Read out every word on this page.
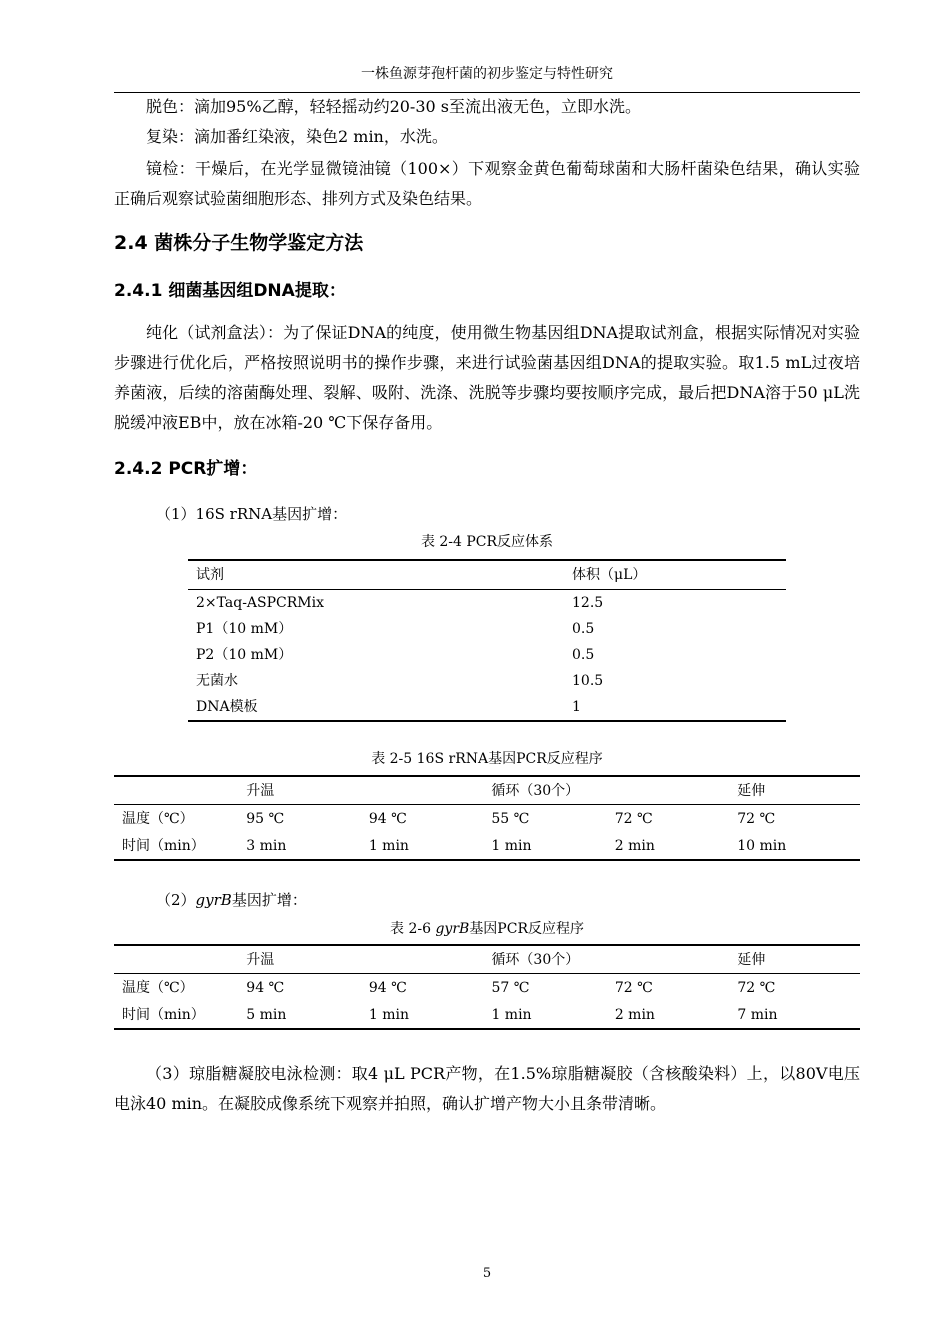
一株鱼源芽孢杆菌的初步鉴定与特性研究
脱色：滴加95%乙醇，轻轻摇动约20-30 s至流出液无色，立即水洗。
复染：滴加番红染液，染色2 min，水洗。
镜检：干燥后，在光学显微镜油镜（100×）下观察金黄色葡萄球菌和大肠杆菌染色结果，确认实验正确后观察试验菌细胞形态、排列方式及染色结果。
2.4 菌株分子生物学鉴定方法
2.4.1 细菌基因组DNA提取：
纯化（试剂盒法）：为了保证DNA的纯度，使用微生物基因组DNA提取试剂盒，根据实际情况对实验步骤进行优化后，严格按照说明书的操作步骤，来进行试验菌基因组DNA的提取实验。取1.5 mL过夜培养菌液，后续的溶菌酶处理、裂解、吸附、洗涤、洗脱等步骤均要按顺序完成，最后把DNA溶于50 μL洗脱缓冲液EB中，放在冰箱-20 ℃下保存备用。
2.4.2 PCR扩增：
（1）16S rRNA基因扩增：
表 2-4 PCR反应体系
试剂	体积（μL）
2×Taq-ASPCRMix	12.5
P1（10 mM）	0.5
P2（10 mM）	0.5
无菌水	10.5
DNA模板	1
表 2-5 16S rRNA基因PCR反应程序
	升温		循环（30个）		延伸
温度（℃）	95 ℃	94 ℃	55 ℃	72 ℃	72 ℃
时间（min）	3 min	1 min	1 min	2 min	10 min
（2）gyrB基因扩增：
表 2-6 gyrB基因PCR反应程序
	升温		循环（30个）		延伸
温度（℃）	94 ℃	94 ℃	57 ℃	72 ℃	72 ℃
时间（min）	5 min	1 min	1 min	2 min	7 min
（3）琼脂糖凝胶电泳检测：取4 μL PCR产物，在1.5%琼脂糖凝胶（含核酸染料）上，以80V电压电泳40 min。在凝胶成像系统下观察并拍照，确认扩增产物大小且条带清晰。
5
